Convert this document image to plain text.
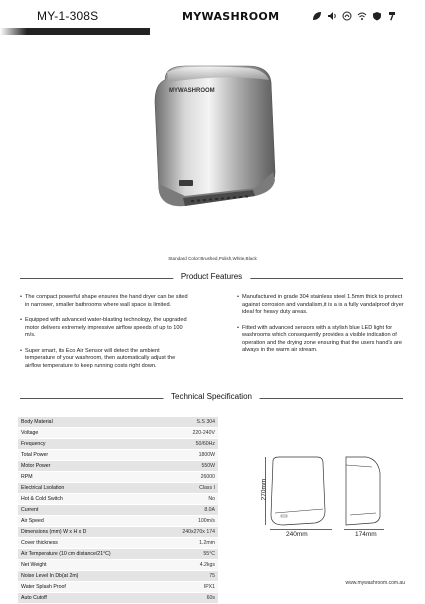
MY-1-308S	MYWASHROOM
MYWASHROOM
Standard Color:Brushed,Polish,White,Black
Product Features
• The compact powerful shape ensures the hand dryer can be sited in narrower, smaller bathrooms where wall space is limited.
• Equipped with advanced water-blasting technology, the upgraded motor delivers extremely impressive airflow speeds of up to 100 m/s.
• Super smart, its Eco Air Sensor will detect the ambient temperature of your washroom, then automatically adjust the airflow temperature to keep running costs right down.
• Manufactured in grade 304 stainless steel 1.5mm thick to protect against corrosion and vandalism,it is a is a fully vandalproof dryer ideal for heavy duty areas.
• Fitted with advanced sensors with a stylish blue LED light for washrooms which consequently provides a visible indication of operation and the drying zone ensuring that the users hand's are always in the warm air stream.
Technical Specification
Body Material	S.S 304
Voltage	220-240V
Frequency	50/60Hz
Total Power	1800W
Motor Power	550W
RPM	26000
Electrical Lsolation	Class I
Hot & Cold Switch	No
Current	8.0A
Air Speed	100m/s
Dimensions (mm) W x H x D	240x270x 174
Cover thickness	1.2mm
Air Temperature (10 cm distance/21°C)	55°C
Net Weight	4.2kgs
Noise Level In Db(at 2m)	75
Water Splash Proof	IPX1
Auto Cutoff	60s
270mm
240mm	174mm
www.mywashroom.com.au
